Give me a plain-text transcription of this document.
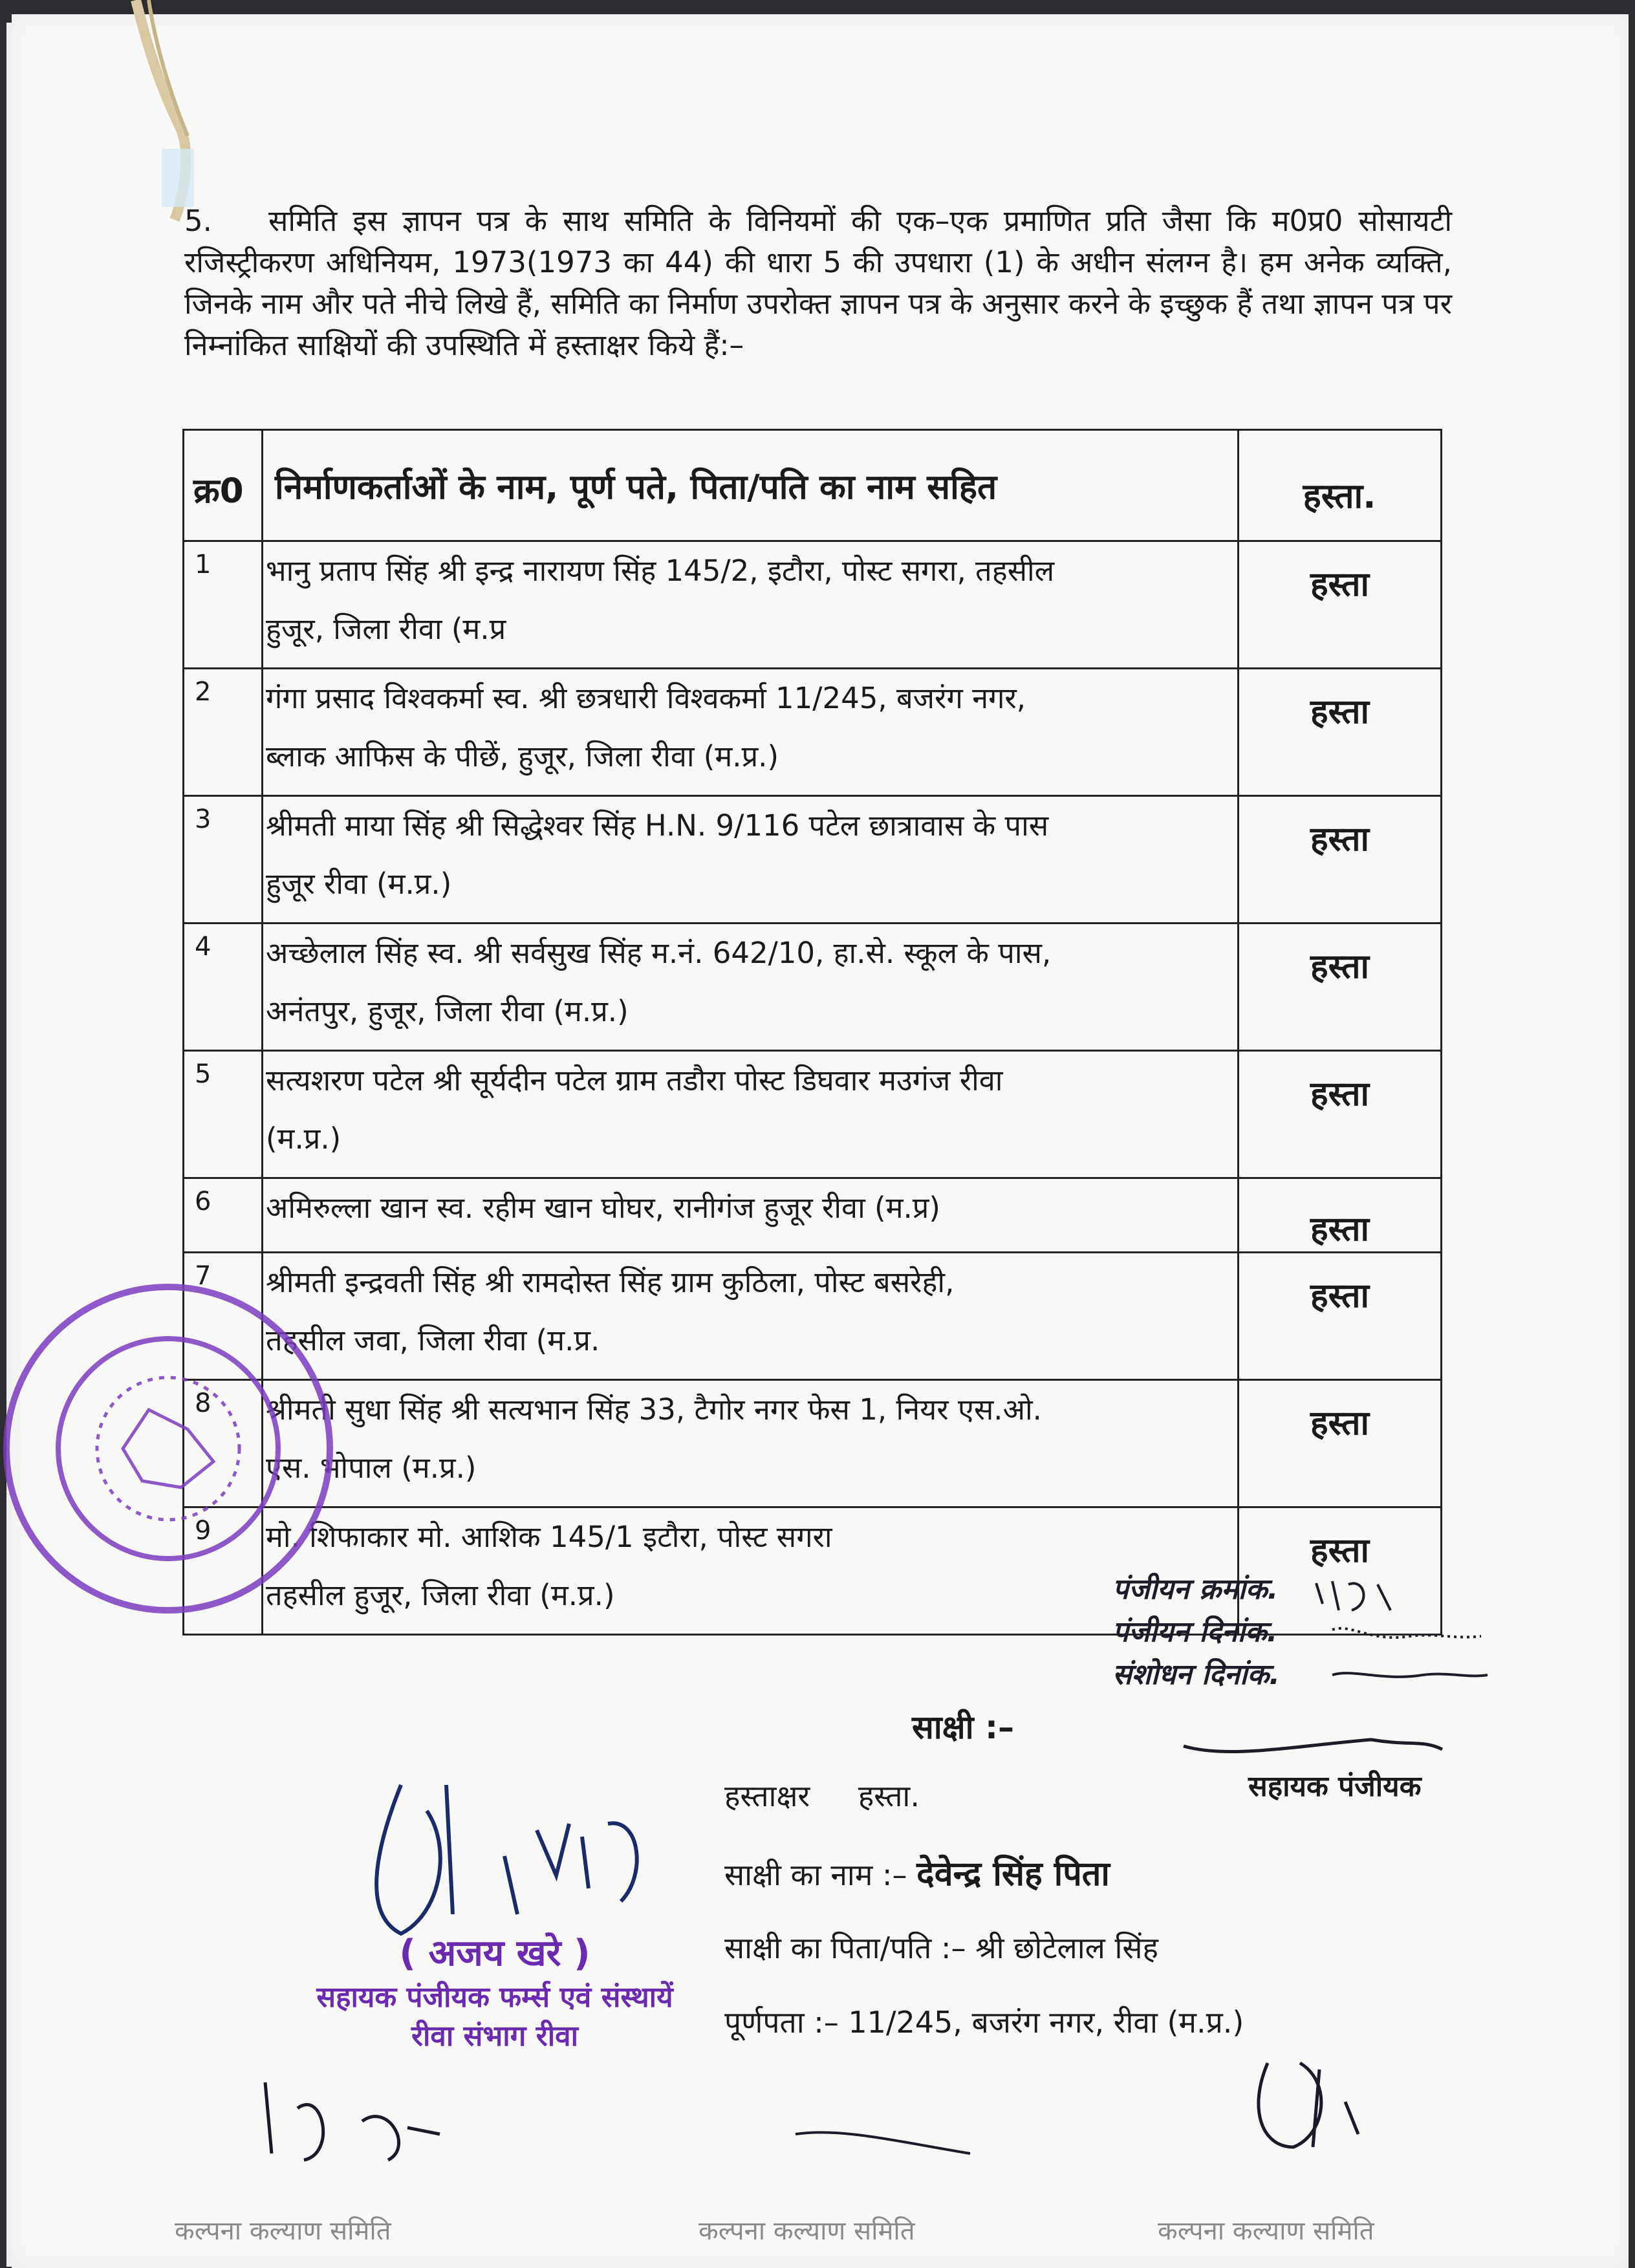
5. समिति इस ज्ञापन पत्र के साथ समिति के विनियमों की एक–एक प्रमाणित प्रति जैसा कि म0प्र0 सोसायटी रजिस्ट्रीकरण अधिनियम, 1973(1973 का 44) की धारा 5 की उपधारा (1) के अधीन संलग्न है। हम अनेक व्यक्ति, जिनके नाम और पते नीचे लिखे हैं, समिति का निर्माण उपरोक्त ज्ञापन पत्र के अनुसार करने के इच्छुक हैं तथा ज्ञापन पत्र पर निम्नांकित साक्षियों की उपस्थिति में हस्ताक्षर किये हैं:–
क्र0	निर्माणकर्ताओं के नाम, पूर्ण पते, पिता/पति का नाम सहित	हस्ता.
1	भानु प्रताप सिंह श्री इन्द्र नारायण सिंह 145/2, इटौरा, पोस्ट सगरा, तहसील
हुजूर, जिला रीवा (म.प्र	हस्ता
2	गंगा प्रसाद विश्वकर्मा स्व. श्री छत्रधारी विश्वकर्मा 11/245, बजरंग नगर,
ब्लाक आफिस के पीछें, हुजूर, जिला रीवा (म.प्र.)	हस्ता
3	श्रीमती माया सिंह श्री सिद्धेश्वर सिंह H.N. 9/116 पटेल छात्रावास के पास
हुजूर रीवा (म.प्र.)	हस्ता
4	अच्छेलाल सिंह स्व. श्री सर्वसुख सिंह म.नं. 642/10, हा.से. स्कूल के पास,
अनंतपुर, हुजूर, जिला रीवा (म.प्र.)	हस्ता
5	सत्यशरण पटेल श्री सूर्यदीन पटेल ग्राम तडौरा पोस्ट डिघवार मउगंज रीवा
(म.प्र.)	हस्ता
6	अमिरुल्ला खान स्व. रहीम खान घोघर, रानीगंज हुजूर रीवा (म.प्र)	हस्ता
7	श्रीमती इन्द्रवती सिंह श्री रामदोस्त सिंह ग्राम कुठिला, पोस्ट बसरेही,
तहसील जवा, जिला रीवा (म.प्र.	हस्ता
8	श्रीमती सुधा सिंह श्री सत्यभान सिंह 33, टैगोर नगर फेस 1, नियर एस.ओ.
एस. भोपाल (म.प्र.)	हस्ता
9	मो. शिफाकार मो. आशिक 145/1 इटौरा, पोस्ट सगरा
तहसील हुजूर, जिला रीवा (म.प्र.)	हस्ता
पंजीयन क्रमांक.
पंजीयन दिनांक.
संशोधन दिनांक.
साक्षी :–
हस्ताक्षर हस्ता.
साक्षी का नाम :– देवेन्द्र सिंह पिता
साक्षी का पिता/पति :– श्री छोटेलाल सिंह
पूर्णपता :– 11/245, बजरंग नगर, रीवा (म.प्र.)
सहायक पंजीयक
( अजय खरे )
सहायक पंजीयक फर्म्स एवं संस्थायें
रीवा संभाग रीवा
कल्पना कल्याण समिति	कल्पना कल्याण समिति	कल्पना कल्याण समिति
